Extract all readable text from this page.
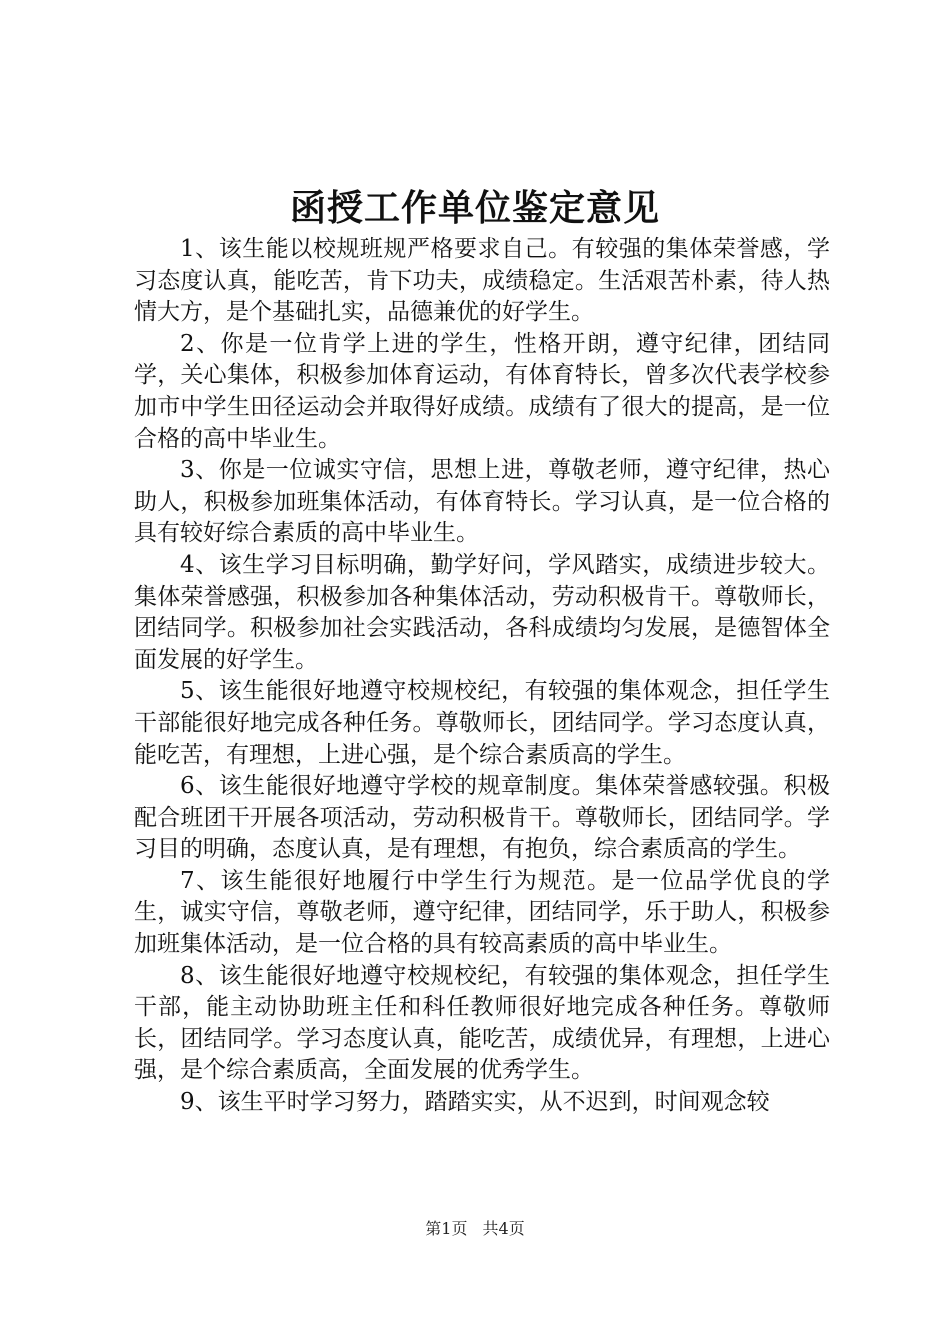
函授工作单位鉴定意见

1、该生能以校规班规严格要求自己。有较强的集体荣誉感，学习态度认真，能吃苦，肯下功夫，成绩稳定。生活艰苦朴素，待人热情大方，是个基础扎实，品德兼优的好学生。

2、你是一位肯学上进的学生，性格开朗，遵守纪律，团结同学，关心集体，积极参加体育运动，有体育特长，曾多次代表学校参加市中学生田径运动会并取得好成绩。成绩有了很大的提高，是一位合格的高中毕业生。

3、你是一位诚实守信，思想上进，尊敬老师，遵守纪律，热心助人，积极参加班集体活动，有体育特长。学习认真，是一位合格的具有较好综合素质的高中毕业生。

4、该生学习目标明确，勤学好问，学风踏实，成绩进步较大。集体荣誉感强，积极参加各种集体活动，劳动积极肯干。尊敬师长，团结同学。积极参加社会实践活动，各科成绩均匀发展，是德智体全面发展的好学生。

5、该生能很好地遵守校规校纪，有较强的集体观念，担任学生干部能很好地完成各种任务。尊敬师长，团结同学。学习态度认真，能吃苦，有理想，上进心强，是个综合素质高的学生。

6、该生能很好地遵守学校的规章制度。集体荣誉感较强。积极配合班团干开展各项活动，劳动积极肯干。尊敬师长，团结同学。学习目的明确，态度认真，是有理想，有抱负，综合素质高的学生。

7、该生能很好地履行中学生行为规范。是一位品学优良的学生，诚实守信，尊敬老师，遵守纪律，团结同学，乐于助人，积极参加班集体活动，是一位合格的具有较高素质的高中毕业生。

8、该生能很好地遵守校规校纪，有较强的集体观念，担任学生干部，能主动协助班主任和科任教师很好地完成各种任务。尊敬师长，团结同学。学习态度认真，能吃苦，成绩优异，有理想，上进心强，是个综合素质高，全面发展的优秀学生。

9、该生平时学习努力，踏踏实实，从不迟到，时间观念较

第1页 共4页
